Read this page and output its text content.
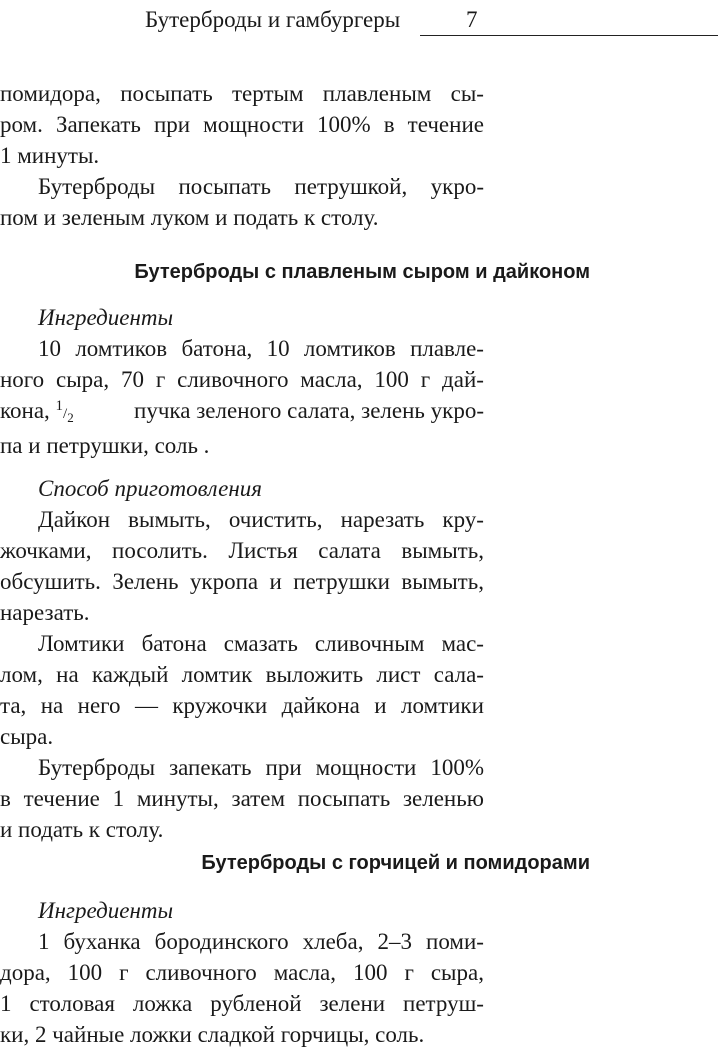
Бутерброды и гамбургеры	7
помидора, посыпать тертым плавленым сы-
ром. Запекать при мощности 100% в течение
1 минуты.
Бутерброды посыпать петрушкой, укро-
пом и зеленым луком и подать к столу.
Бутерброды с плавленым сыром и дайконом
Ингредиенты
10 ломтиков батона, 10 ломтиков плавле-
ного сыра, 70 г сливочного масла, 100 г дай-
кона, 1/2	пучка зеленого салата, зелень укро-
па и петрушки, соль .
Способ приготовления
Дайкон вымыть, очистить, нарезать кру-
жочками, посолить. Листья салата вымыть,
обсушить. Зелень укропа и петрушки вымыть,
нарезать.
Ломтики батона смазать сливочным мас-
лом, на каждый ломтик выложить лист сала-
та, на него — кружочки дайкона и ломтики
сыра.
Бутерброды запекать при мощности 100%
в течение 1 минуты, затем посыпать зеленью
и подать к столу.
Бутерброды с горчицей и помидорами
Ингредиенты
1 буханка бородинского хлеба, 2–3 поми-
дора, 100 г сливочного масла, 100 г сыра,
1 столовая ложка рубленой зелени петруш-
ки, 2 чайные ложки сладкой горчицы, соль.
